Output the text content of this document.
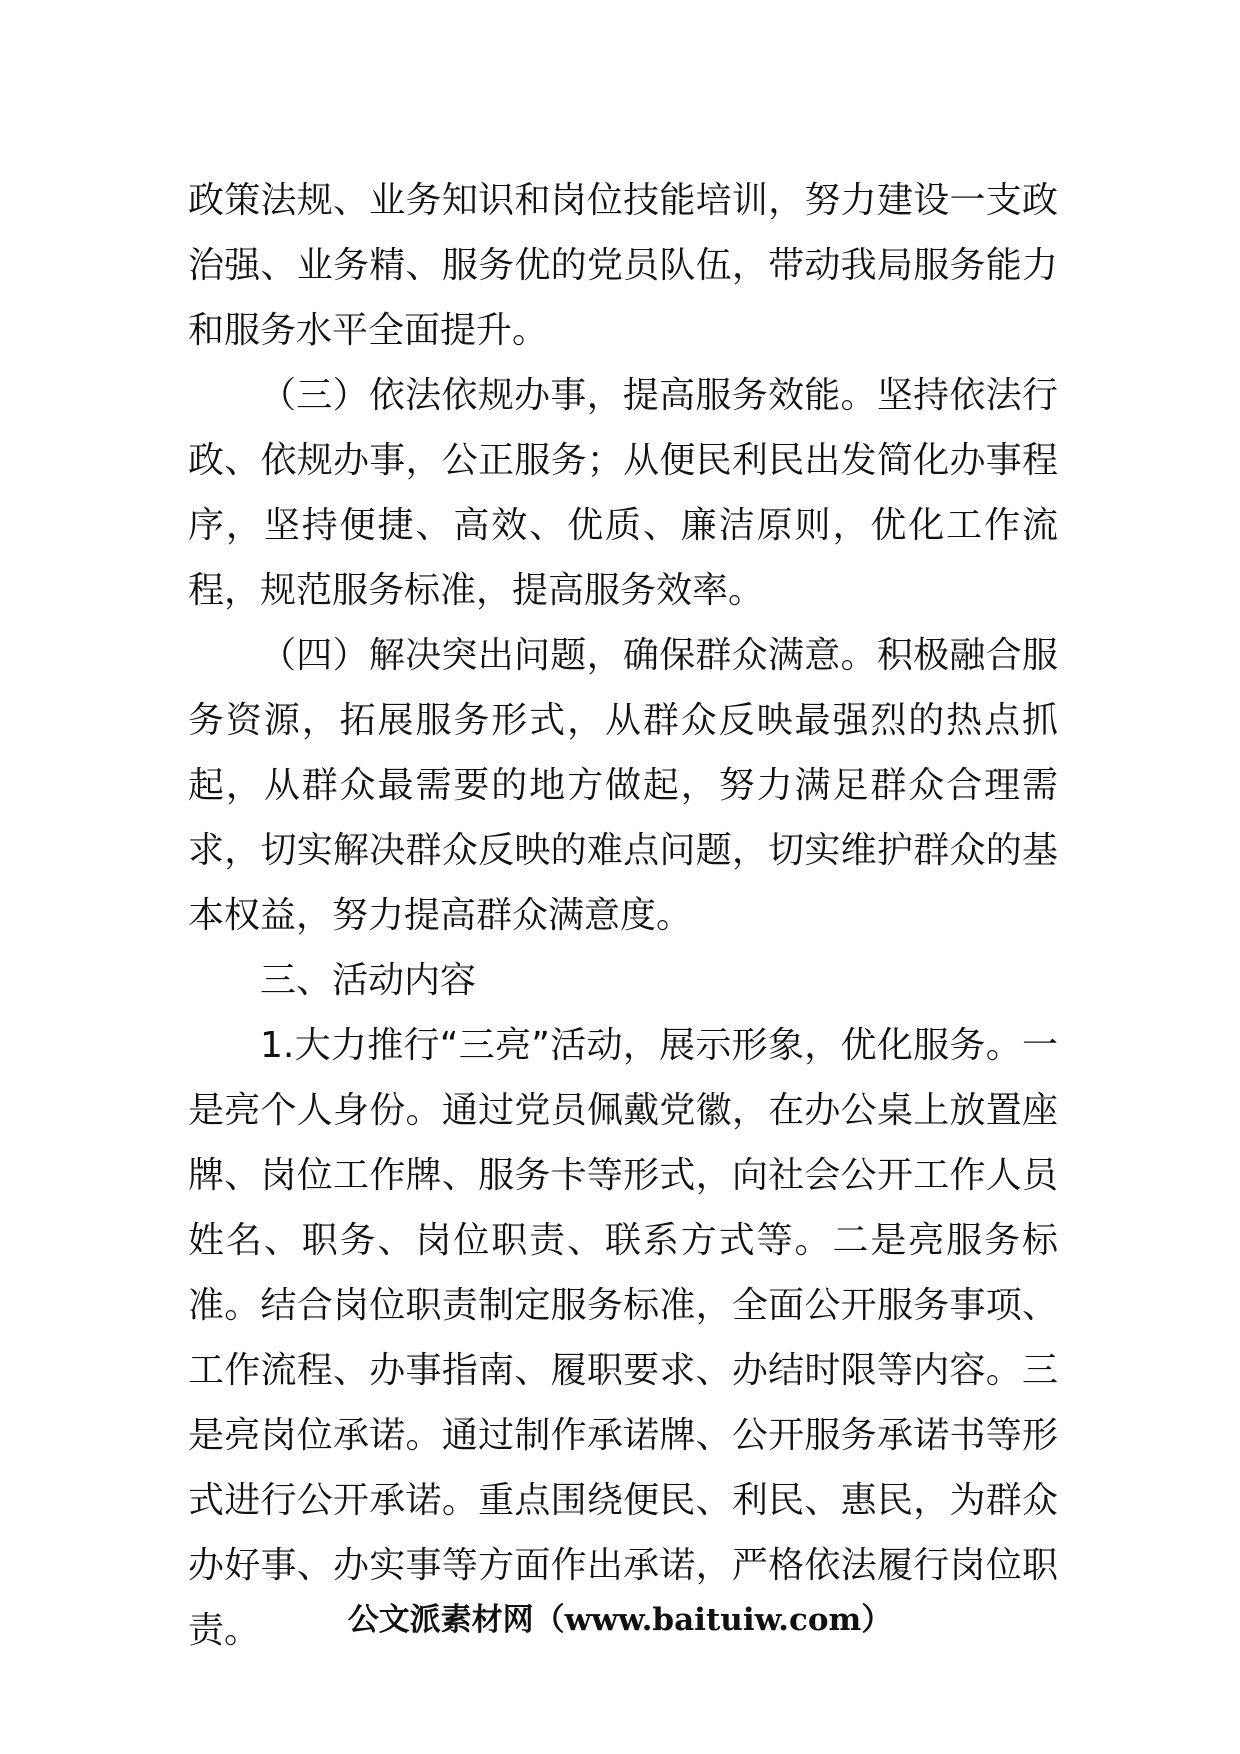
政策法规、业务知识和岗位技能培训，努力建设一支政治强、业务精、服务优的党员队伍，带动我局服务能力和服务水平全面提升。

（三）依法依规办事，提高服务效能。坚持依法行政、依规办事，公正服务；从便民利民出发简化办事程序，坚持便捷、高效、优质、廉洁原则，优化工作流程，规范服务标准，提高服务效率。

（四）解决突出问题，确保群众满意。积极融合服务资源，拓展服务形式，从群众反映最强烈的热点抓起，从群众最需要的地方做起，努力满足群众合理需求，切实解决群众反映的难点问题，切实维护群众的基本权益，努力提高群众满意度。

三、活动内容

1.大力推行“三亮”活动，展示形象，优化服务。一是亮个人身份。通过党员佩戴党徽，在办公桌上放置座牌、岗位工作牌、服务卡等形式，向社会公开工作人员姓名、职务、岗位职责、联系方式等。二是亮服务标准。结合岗位职责制定服务标准，全面公开服务事项、工作流程、办事指南、履职要求、办结时限等内容。三是亮岗位承诺。通过制作承诺牌、公开服务承诺书等形式进行公开承诺。重点围绕便民、利民、惠民，为群众办好事、办实事等方面作出承诺，严格依法履行岗位职责。	公文派素材网（www.baituiw.com）
